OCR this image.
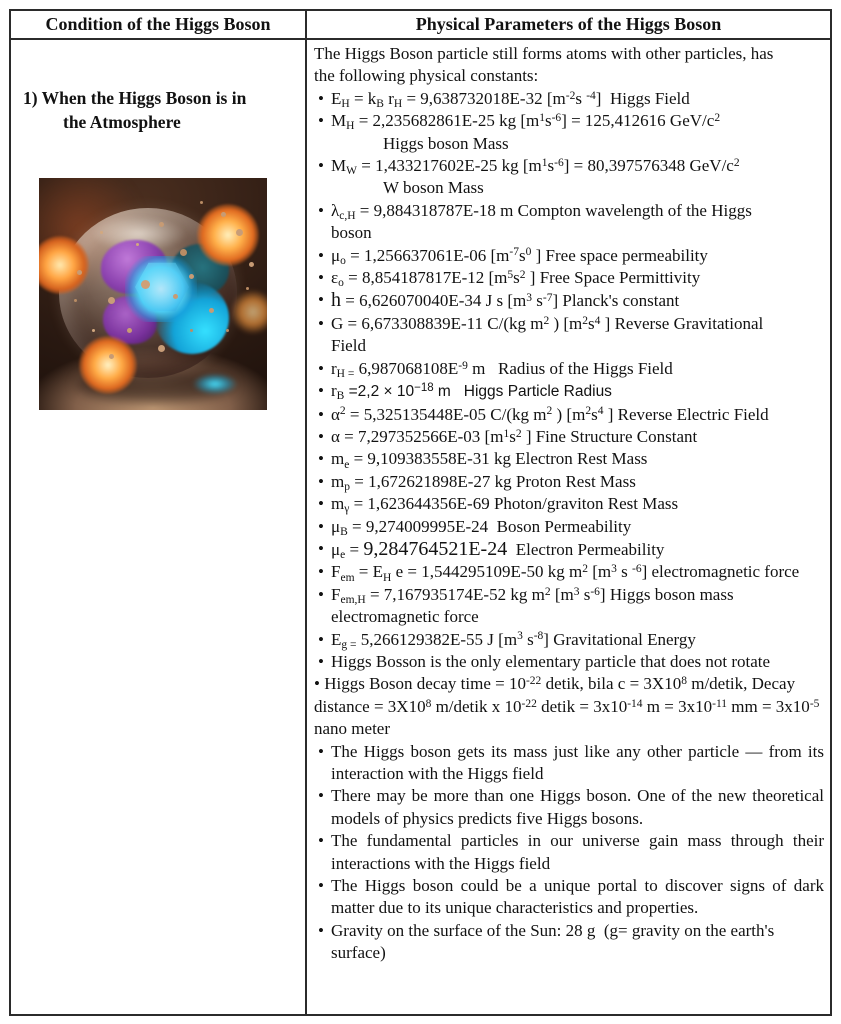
Condition of the Higgs Boson	Physical Parameters of the Higgs Boson
1) When the Higgs Boson is in
the Atmosphere

The Higgs Boson particle still forms atoms with other particles, has the following physical constants:

• $E_H = k_B$ $r_H = 9,638732018E-32$ [$m^{-2}s$ $^{-4}$]  Higgs Field
• $M_H = 2,235682861E-25$ kg $[m^1s^{-6}] = 125,412616$ GeV/$c^2$
Higgs boson Mass
• $M_W = 1,433217602E-25$ kg $[m^1s^{-6}] = 80,397576348$ GeV/$c^2$
W boson Mass
• $\lambda_{c,H} = 9,884318787E-18$ m Compton wavelength of the Higgs
boson
• $\mu_o = 1,256637061E-06$ [$m^{-7}s^0$ ] Free space permeability
• $\varepsilon_o = 8,854187817E-12$ [$m^5s^2$ ] Free Space Permittivity
• h = 6,626070040E-34 J s [$m^3$ $s^{-7}$] Planck's constant
• G = 6,673308839E-11 C/(kg $m^2$ ) [$m^2s^4$ ] Reverse Gravitational
Field
• $r_{H =}$ $6,987068108E^{-9}$ m   Radius of the Higgs Field
• $r_B =2,2 \times 10^{-18}$ m   Higgs Particle Radius
• $\alpha^2 = 5,325135448E-05$ C/(kg $m^2$ ) [$m^2s^4$ ] Reverse Electric Field
• α = 7,297352566E-03 [$m^1s^2$ ] Fine Structure Constant
• $m_e = 9,109383558E-31$ kg Electron Rest Mass
• $m_p = 1,672621898E-27$ kg Proton Rest Mass
• $m_\gamma = 1,623644356E-69$ Photon/graviton Rest Mass
• $\mu_B = 9,274009995E-24$  Boson Permeability
• $\mu_e = 9,284764521E-24$  Electron Permeability
• $F_{em} = E_H$ e = 1,544295109E-50 kg $m^2$ [$m^3$ s $^{-6}$] electromagnetic force
• $F_{em,H} = 7,167935174E-52$ kg $m^2$ [$m^3$ $s^{-6}$] Higgs boson mass
electromagnetic force
• $E_{g =}$ 5,266129382E-55 J [$m^3$ $s^{-8}$] Gravitational Energy
• Higgs Bosson is the only elementary particle that does not rotate
• Higgs Boson decay time = $10^{-22}$ detik, bila $c = 3X10^8$ m/detik, Decay distance = $3X10^8$ m/detik x $10^{-22}$ detik = $3x10^{-14}$ $m = 3x10^{-11}$ mm = $3x10^{-5}$ nano meter
• The Higgs boson gets its mass just like any other particle — from its interaction with the Higgs field
• There may be more than one Higgs boson. One of the new theoretical models of physics predicts five Higgs bosons.
• The fundamental particles in our universe gain mass through their interactions with the Higgs field
• The Higgs boson could be a unique portal to discover signs of dark matter due to its unique characteristics and properties.
• Gravity on the surface of the Sun: 28 g  (g= gravity on the earth's surface)
